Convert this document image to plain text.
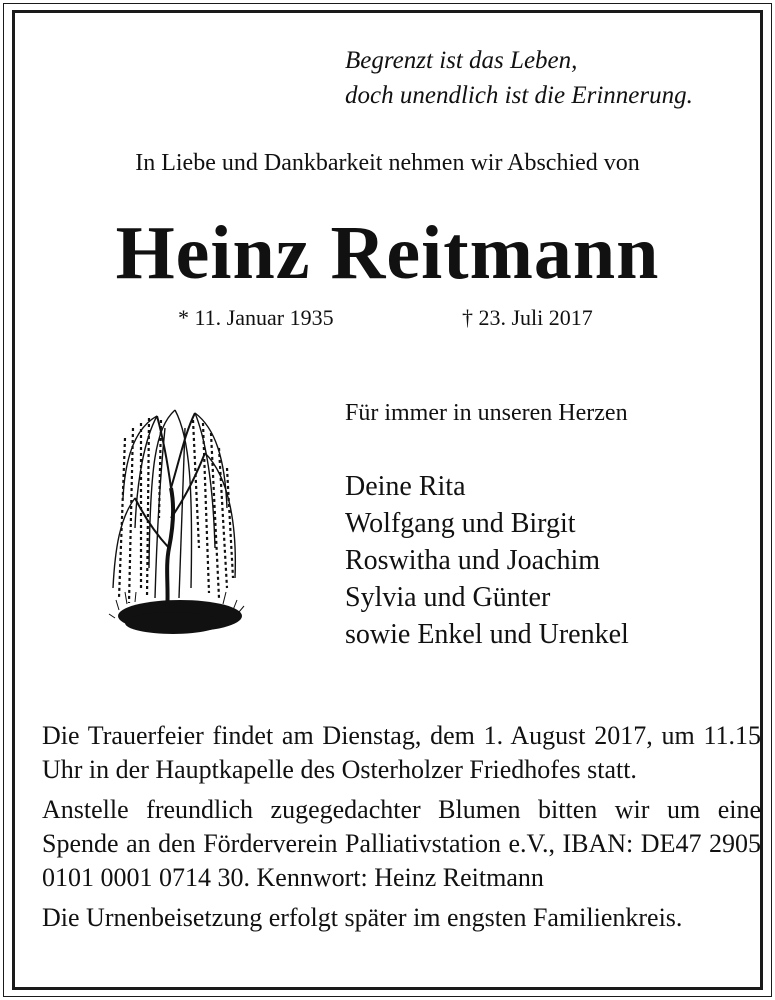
Begrenzt ist das Leben,
doch unendlich ist die Erinnerung.
In Liebe und Dankbarkeit nehmen wir Abschied von
Heinz Reitmann
* 11. Januar 1935	† 23. Juli 2017
Für immer in unseren Herzen
Deine Rita
Wolfgang und Birgit
Roswitha und Joachim
Sylvia und Günter
sowie Enkel und Urenkel

Die Trauerfeier findet am Dienstag, dem 1. August 2017, um 11.15 Uhr in der Hauptkapelle des Osterholzer Friedhofes statt.

Anstelle freundlich zugegedachter Blumen bitten wir um eine Spende an den Förderverein Palliativstation e.V., IBAN: DE47 2905 0101 0001 0714 30. Kennwort: Heinz Reitmann

Die Urnenbeisetzung erfolgt später im engsten Familienkreis.
